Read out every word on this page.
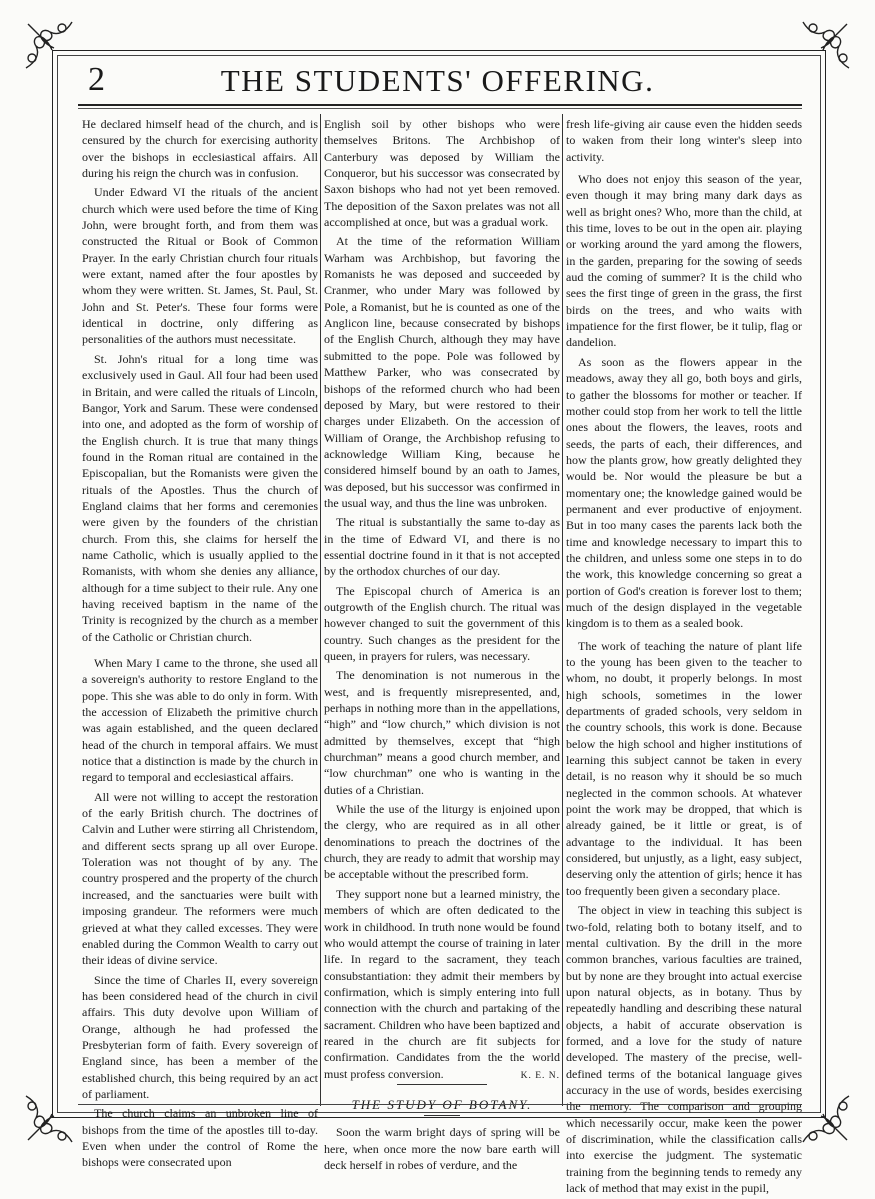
2	THE STUDENTS' OFFERING.

He declared himself head of the church, and is censured by the church for exercising authority over the bishops in ecclesiastical affairs. All during his reign the church was in confusion.

Under Edward VI the rituals of the ancient church which were used before the time of King John, were brought forth, and from them was constructed the Ritual or Book of Common Prayer. In the early Christian church four rituals were extant, named after the four apostles by whom they were written. St. James, St. Paul, St. John and St. Peter's. These four forms were identical in doctrine, only differing as personalities of the authors must necessitate.

St. John's ritual for a long time was exclusively used in Gaul. All four had been used in Britain, and were called the rituals of Lincoln, Bangor, York and Sarum. These were condensed into one, and adopted as the form of worship of the English church. It is true that many things found in the Roman ritual are contained in the Episcopalian, but the Romanists were given the rituals of the Apostles. Thus the church of England claims that her forms and ceremonies were given by the founders of the christian church. From this, she claims for herself the name Catholic, which is usually applied to the Romanists, with whom she denies any alliance, although for a time subject to their rule. Any one having received baptism in the name of the Trinity is recognized by the church as a member of the Catholic or Christian church.

When Mary I came to the throne, she used all a sovereign's authority to restore England to the pope. This she was able to do only in form. With the accession of Elizabeth the primitive church was again established, and the queen declared head of the church in temporal affairs. We must notice that a distinction is made by the church in regard to temporal and ecclesiastical affairs.

All were not willing to accept the restoration of the early British church. The doctrines of Calvin and Luther were stirring all Christendom, and different sects sprang up all over Europe. Toleration was not thought of by any. The country prospered and the property of the church increased, and the sanctuaries were built with imposing grandeur. The reformers were much grieved at what they called excesses. They were enabled during the Common Wealth to carry out their ideas of divine service.

Since the time of Charles II, every sovereign has been considered head of the church in civil affairs. This duty devolve upon William of Orange, although he had professed the Presbyterian form of faith. Every sovereign of England since, has been a member of the established church, this being required by an act of parliament.

The church claims an unbroken line of bishops from the time of the apostles till to-day. Even when under the control of Rome the bishops were consecrated upon

English soil by other bishops who were themselves Britons. The Archbishop of Canterbury was deposed by William the Conqueror, but his successor was consecrated by Saxon bishops who had not yet been removed. The deposition of the Saxon prelates was not all accomplished at once, but was a gradual work.

At the time of the reformation William Warham was Archbishop, but favoring the Romanists he was deposed and succeeded by Cranmer, who under Mary was followed by Pole, a Romanist, but he is counted as one of the Anglicon line, because consecrated by bishops of the English Church, although they may have submitted to the pope. Pole was followed by Matthew Parker, who was consecrated by bishops of the reformed church who had been deposed by Mary, but were restored to their charges under Elizabeth. On the accession of William of Orange, the Archbishop refusing to acknowledge William King, because he considered himself bound by an oath to James, was deposed, but his successor was confirmed in the usual way, and thus the line was unbroken.

The ritual is substantially the same to-day as in the time of Edward VI, and there is no essential doctrine found in it that is not accepted by the orthodox churches of our day.

The Episcopal church of America is an outgrowth of the English church. The ritual was however changed to suit the government of this country. Such changes as the president for the queen, in prayers for rulers, was necessary.

The denomination is not numerous in the west, and is frequently misrepresented, and, perhaps in nothing more than in the appellations, “high” and “low church,” which division is not admitted by themselves, except that “high churchman” means a good church member, and “low churchman” one who is wanting in the duties of a Christian.

While the use of the liturgy is enjoined upon the clergy, who are required as in all other denominations to preach the doctrines of the church, they are ready to admit that worship may be acceptable without the prescribed form.

They support none but a learned ministry, the members of which are often dedicated to the work in childhood. In truth none would be found who would attempt the course of training in later life. In regard to the sacrament, they teach consubstantiation: they admit their members by confirmation, which is simply entering into full connection with the church and partaking of the sacrament. Children who have been baptized and reared in the church are fit subjects for confirmation. Candidates from the the world must profess conversion.	K. E. N.

THE STUDY OF BOTANY.

Soon the warm bright days of spring will be here, when once more the now bare earth will deck herself in robes of verdure, and the

fresh life-giving air cause even the hidden seeds to waken from their long winter's sleep into activity.

Who does not enjoy this season of the year, even though it may bring many dark days as well as bright ones? Who, more than the child, at this time, loves to be out in the open air. playing or working around the yard among the flowers, in the garden, preparing for the sowing of seeds aud the coming of summer? It is the child who sees the first tinge of green in the grass, the first birds on the trees, and who waits with impatience for the first flower, be it tulip, flag or dandelion.

As soon as the flowers appear in the meadows, away they all go, both boys and girls, to gather the blossoms for mother or teacher. If mother could stop from her work to tell the little ones about the flowers, the leaves, roots and seeds, the parts of each, their differences, and how the plants grow, how greatly delighted they would be. Nor would the pleasure be but a momentary one; the knowledge gained would be permanent and ever productive of enjoyment. But in too many cases the parents lack both the time and knowledge necessary to impart this to the children, and unless some one steps in to do the work, this knowledge concerning so great a portion of God's creation is forever lost to them; much of the design displayed in the vegetable kingdom is to them as a sealed book.

The work of teaching the nature of plant life to the young has been given to the teacher to whom, no doubt, it properly belongs. In most high schools, sometimes in the lower departments of graded schools, very seldom in the country schools, this work is done. Because below the high school and higher institutions of learning this subject cannot be taken in every detail, is no reason why it should be so much neglected in the common schools. At whatever point the work may be dropped, that which is already gained, be it little or great, is of advantage to the individual. It has been considered, but unjustly, as a light, easy subject, deserving only the attention of girls; hence it has too frequently been given a secondary place.

The object in view in teaching this subject is two-fold, relating both to botany itself, and to mental cultivation. By the drill in the more common branches, various faculties are trained, but by none are they brought into actual exercise upon natural objects, as in botany. Thus by repeatedly handling and describing these natural objects, a habit of accurate observation is formed, and a love for the study of nature developed. The mastery of the precise, well-defined terms of the botanical language gives accuracy in the use of words, besides exercising the memory. The comparison and grouping which necessarily occur, make keen the power of discrimination, while the classification calls into exercise the judgment. The systematic training from the beginning tends to remedy any lack of method that may exist in the pupil,
